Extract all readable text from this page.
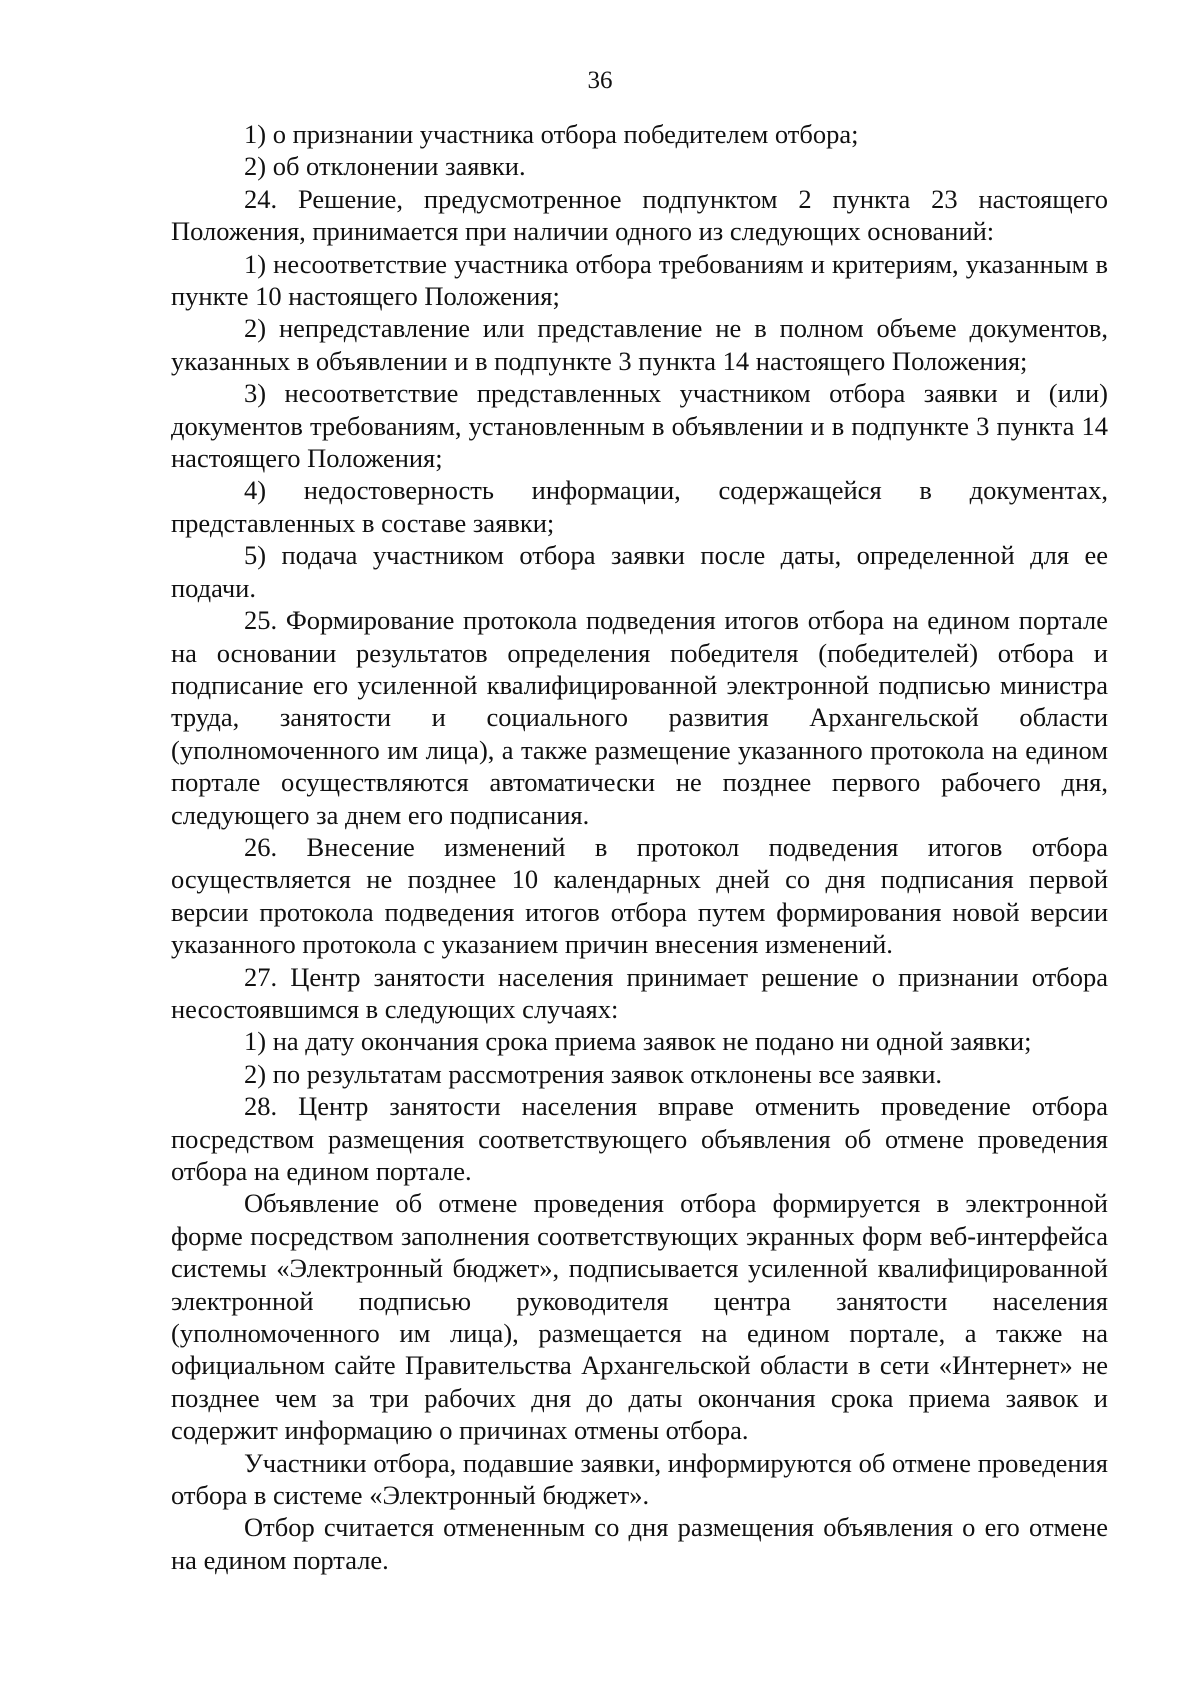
36

1) о признании участника отбора победителем отбора;

2) об отклонении заявки.

24. Решение, предусмотренное подпунктом 2 пункта 23 настоящего Положения, принимается при наличии одного из следующих оснований:

1) несоответствие участника отбора требованиям и критериям, указанным в пункте 10 настоящего Положения;

2) непредставление или представление не в полном объеме документов, указанных в объявлении и в подпункте 3 пункта 14 настоящего Положения;

3) несоответствие представленных участником отбора заявки и (или) документов требованиям, установленным в объявлении и в подпункте 3 пункта 14 настоящего Положения;

4) недостоверность информации, содержащейся в документах, представленных в составе заявки;

5) подача участником отбора заявки после даты, определенной для ее подачи.

25. Формирование протокола подведения итогов отбора на едином портале на основании результатов определения победителя (победителей) отбора и подписание его усиленной квалифицированной электронной подписью министра труда, занятости и социального развития Архангельской области (уполномоченного им лица), а также размещение указанного протокола на едином портале осуществляются автоматически не позднее первого рабочего дня, следующего за днем его подписания.

26. Внесение изменений в протокол подведения итогов отбора осуществляется не позднее 10 календарных дней со дня подписания первой версии протокола подведения итогов отбора путем формирования новой версии указанного протокола с указанием причин внесения изменений.

27. Центр занятости населения принимает решение о признании отбора несостоявшимся в следующих случаях:

1) на дату окончания срока приема заявок не подано ни одной заявки;

2) по результатам рассмотрения заявок отклонены все заявки.

28. Центр занятости населения вправе отменить проведение отбора посредством размещения соответствующего объявления об отмене проведения отбора на едином портале.

Объявление об отмене проведения отбора формируется в электронной форме посредством заполнения соответствующих экранных форм веб-интерфейса системы «Электронный бюджет», подписывается усиленной квалифицированной электронной подписью руководителя центра занятости населения (уполномоченного им лица), размещается на едином портале, а также на официальном сайте Правительства Архангельской области в сети «Интернет» не позднее чем за три рабочих дня до даты окончания срока приема заявок и содержит информацию о причинах отмены отбора.

Участники отбора, подавшие заявки, информируются об отмене проведения отбора в системе «Электронный бюджет».

Отбор считается отмененным со дня размещения объявления о его отмене на едином портале.
